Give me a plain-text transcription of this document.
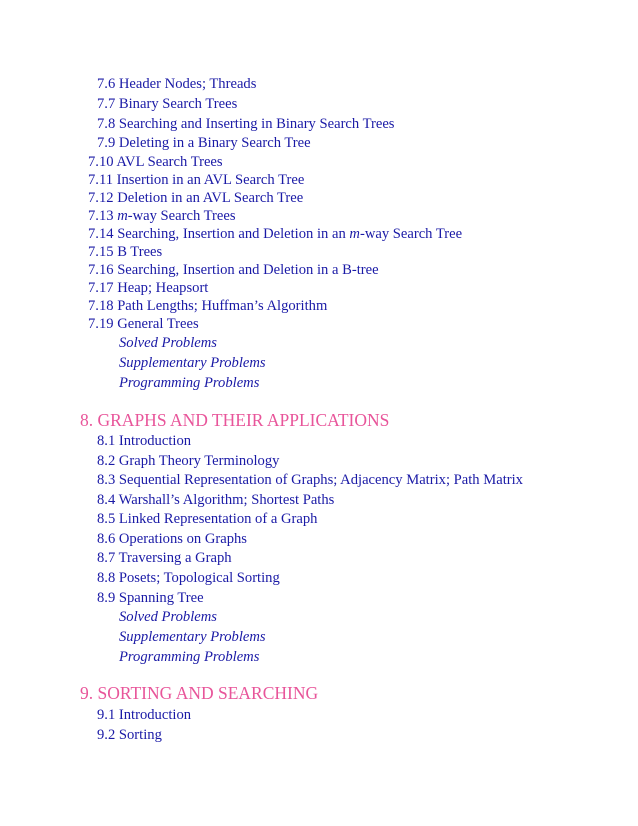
7.6 Header Nodes; Threads
7.7 Binary Search Trees
7.8 Searching and Inserting in Binary Search Trees
7.9 Deleting in a Binary Search Tree
7.10 AVL Search Trees
7.11 Insertion in an AVL Search Tree
7.12 Deletion in an AVL Search Tree
7.13 m-way Search Trees
7.14 Searching, Insertion and Deletion in an m-way Search Tree
7.15 B Trees
7.16 Searching, Insertion and Deletion in a B-tree
7.17 Heap; Heapsort
7.18 Path Lengths; Huffman’s Algorithm
7.19 General Trees
Solved Problems
Supplementary Problems
Programming Problems
8. GRAPHS AND THEIR APPLICATIONS
8.1 Introduction
8.2 Graph Theory Terminology
8.3 Sequential Representation of Graphs; Adjacency Matrix; Path Matrix
8.4 Warshall’s Algorithm; Shortest Paths
8.5 Linked Representation of a Graph
8.6 Operations on Graphs
8.7 Traversing a Graph
8.8 Posets; Topological Sorting
8.9 Spanning Tree
Solved Problems
Supplementary Problems
Programming Problems
9. SORTING AND SEARCHING
9.1 Introduction
9.2 Sorting
